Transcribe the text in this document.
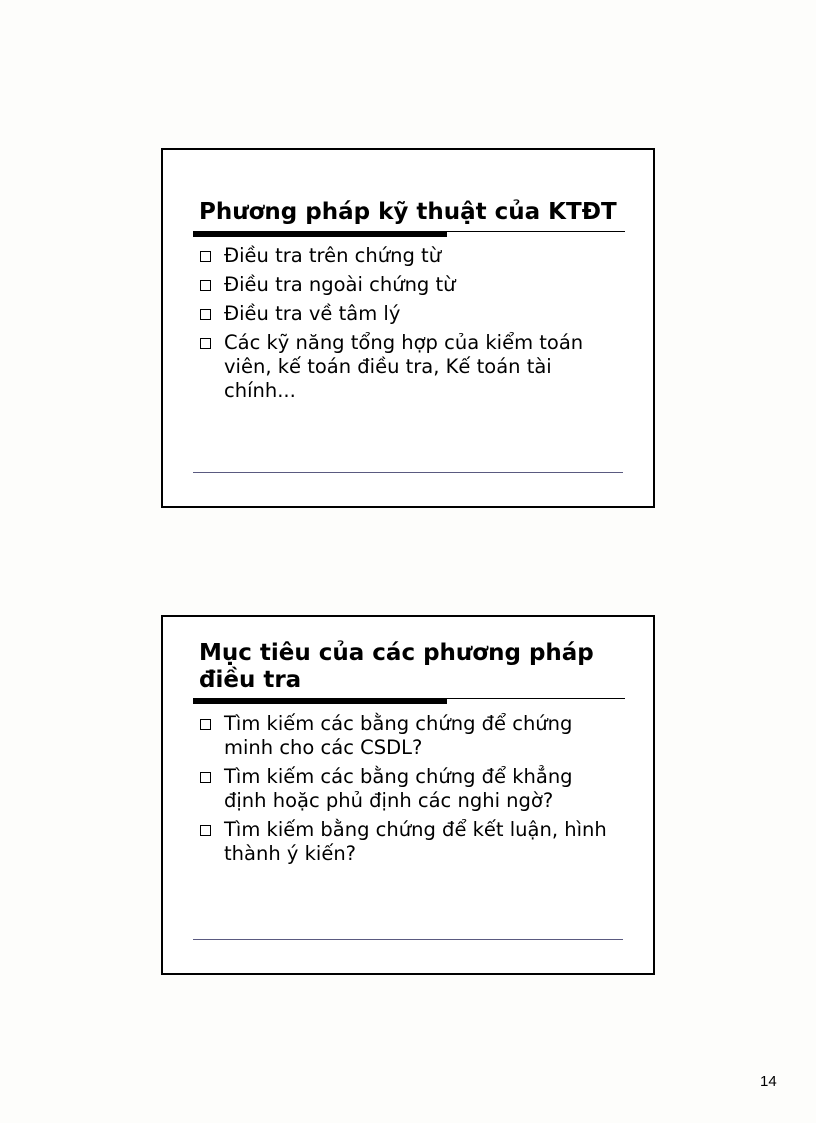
Phương pháp kỹ thuật của KTĐT
Điều tra trên chứng từ
Điều tra ngoài chứng từ
Điều tra về tâm lý
Các kỹ năng tổng hợp của kiểm toán viên, kế toán điều tra, Kế toán tài chính...
Mục tiêu của các phương pháp điều tra
Tìm kiếm các bằng chứng để chứng minh cho các CSDL?
Tìm kiếm các bằng chứng để khẳng định hoặc phủ định các nghi ngờ?
Tìm kiếm bằng chứng để kết luận, hình thành ý kiến?
14
